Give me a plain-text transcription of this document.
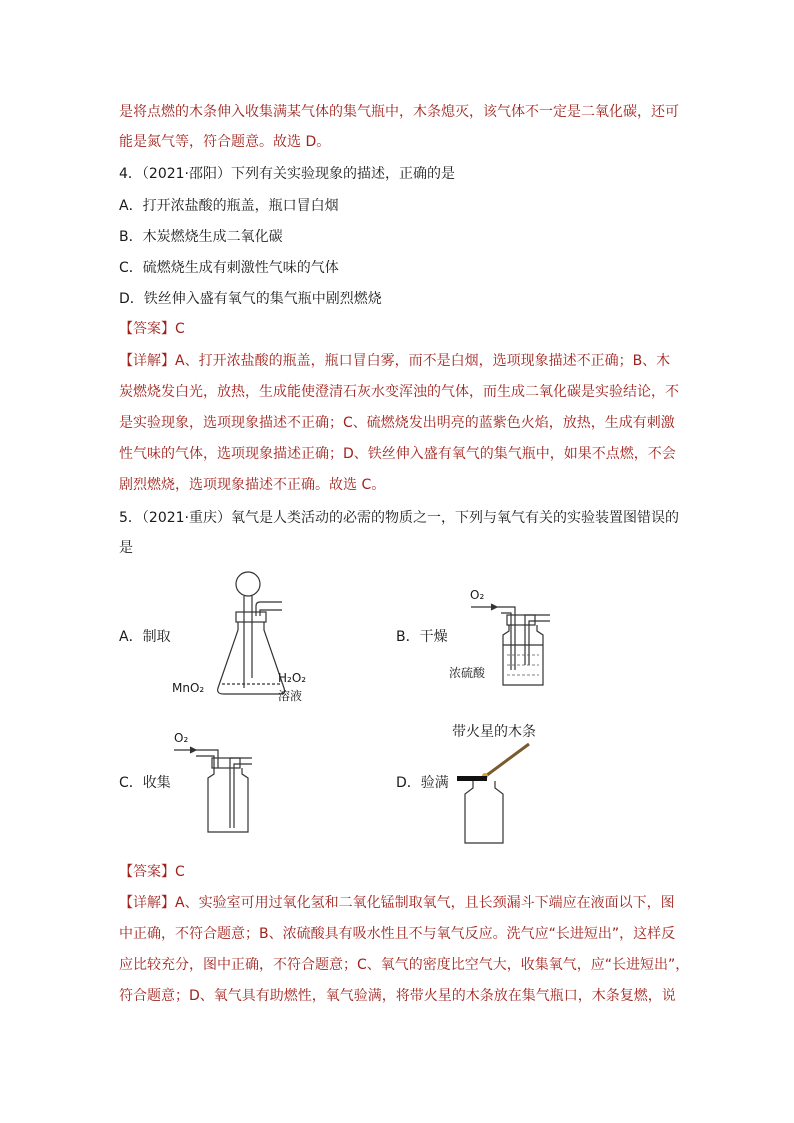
是将点燃的木条伸入收集满某气体的集气瓶中，木条熄灭，该气体不一定是二氧化碳，还可
能是氮气等，符合题意。故选 D。
4．（2021·邵阳）下列有关实验现象的描述，正确的是
A．打开浓盐酸的瓶盖，瓶口冒白烟
B．木炭燃烧生成二氧化碳
C．硫燃烧生成有刺激性气味的气体
D．铁丝伸入盛有氧气的集气瓶中剧烈燃烧
【答案】C
【详解】A、打开浓盐酸的瓶盖，瓶口冒白雾，而不是白烟，选项现象描述不正确；B、木
炭燃烧发白光，放热，生成能使澄清石灰水变浑浊的气体，而生成二氧化碳是实验结论，不
是实验现象，选项现象描述不正确；C、硫燃烧发出明亮的蓝紫色火焰，放热，生成有刺激
性气味的气体，选项现象描述正确；D、铁丝伸入盛有氧气的集气瓶中，如果不点燃，不会
剧烈燃烧，选项现象描述不正确。故选 C。
5．（2021·重庆）氧气是人类活动的必需的物质之一，下列与氧气有关的实验装置图错误的
是
A．制取
MnO₂
H₂O₂
溶液
B．干燥
O₂
浓硫酸
C．收集
O₂
D．验满
带火星的木条
【答案】C
【详解】A、实验室可用过氧化氢和二氧化锰制取氧气，且长颈漏斗下端应在液面以下，图
中正确，不符合题意；B、浓硫酸具有吸水性且不与氧气反应。洗气应“长进短出”，这样反
应比较充分，图中正确，不符合题意；C、氧气的密度比空气大，收集氧气，应“长进短出”，
符合题意；D、氧气具有助燃性，氧气验满，将带火星的木条放在集气瓶口，木条复燃，说
